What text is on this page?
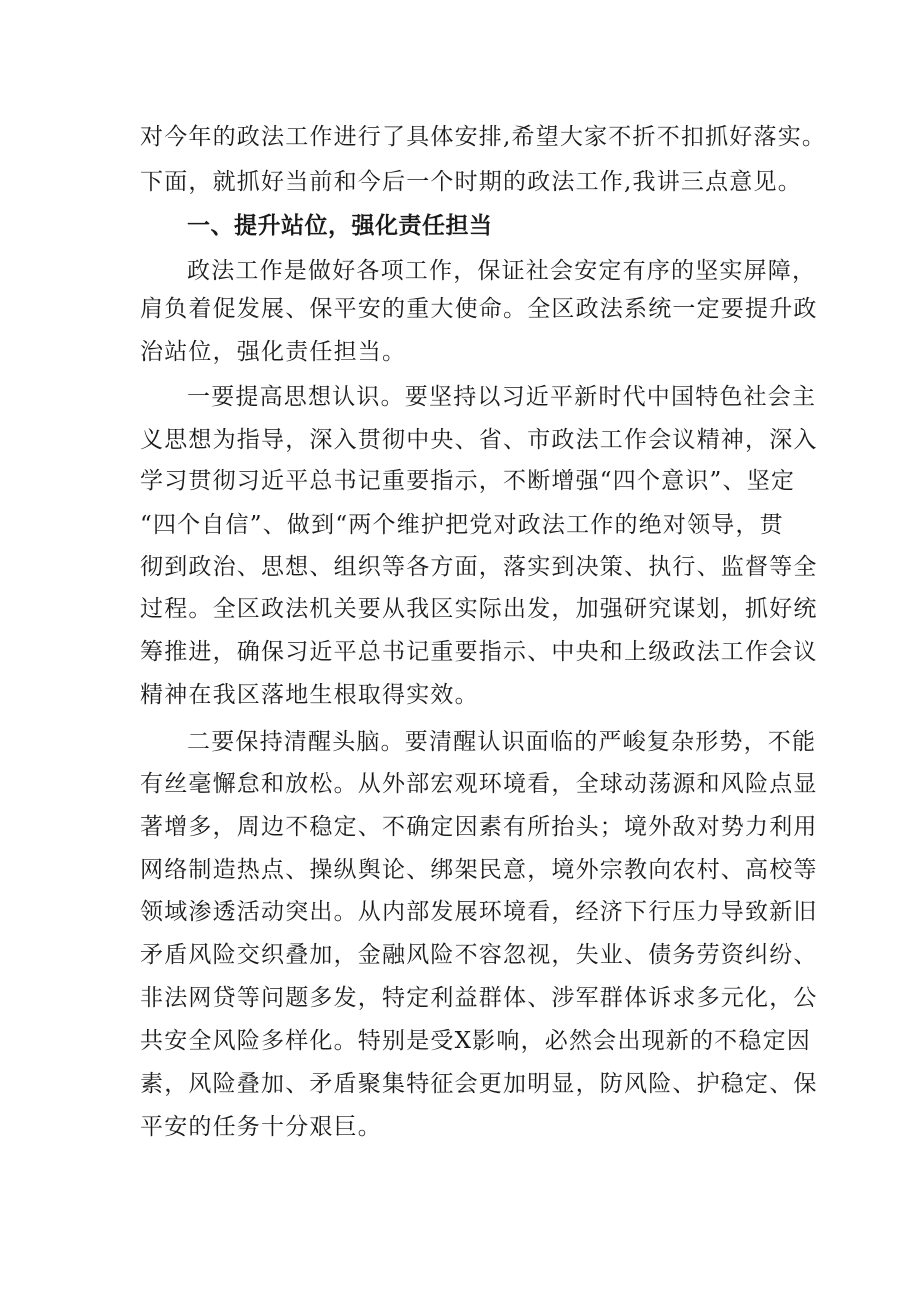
对今年的政法工作进行了具体安排,希望大家不折不扣抓好落实。
下面，就抓好当前和今后一个时期的政法工作,我讲三点意见。
一、提升站位，强化责任担当
政法工作是做好各项工作，保证社会安定有序的坚实屏障，
肩负着促发展、保平安的重大使命。全区政法系统一定要提升政
治站位，强化责任担当。
一要提高思想认识。要坚持以习近平新时代中国特色社会主
义思想为指导，深入贯彻中央、省、市政法工作会议精神，深入
学习贯彻习近平总书记重要指示，不断增强“四个意识”、坚定
“四个自信”、做到“两个维护把党对政法工作的绝对领导，贯
彻到政治、思想、组织等各方面，落实到决策、执行、监督等全
过程。全区政法机关要从我区实际出发，加强研究谋划，抓好统
筹推进，确保习近平总书记重要指示、中央和上级政法工作会议
精神在我区落地生根取得实效。
二要保持清醒头脑。要清醒认识面临的严峻复杂形势，不能
有丝毫懈怠和放松。从外部宏观环境看，全球动荡源和风险点显
著增多，周边不稳定、不确定因素有所抬头；境外敌对势力利用
网络制造热点、操纵舆论、绑架民意，境外宗教向农村、高校等
领域渗透活动突出。从内部发展环境看，经济下行压力导致新旧
矛盾风险交织叠加，金融风险不容忽视，失业、债务劳资纠纷、
非法网贷等问题多发，特定利益群体、涉军群体诉求多元化，公
共安全风险多样化。特别是受X影响，必然会出现新的不稳定因
素，风险叠加、矛盾聚集特征会更加明显，防风险、护稳定、保
平安的任务十分艰巨。
